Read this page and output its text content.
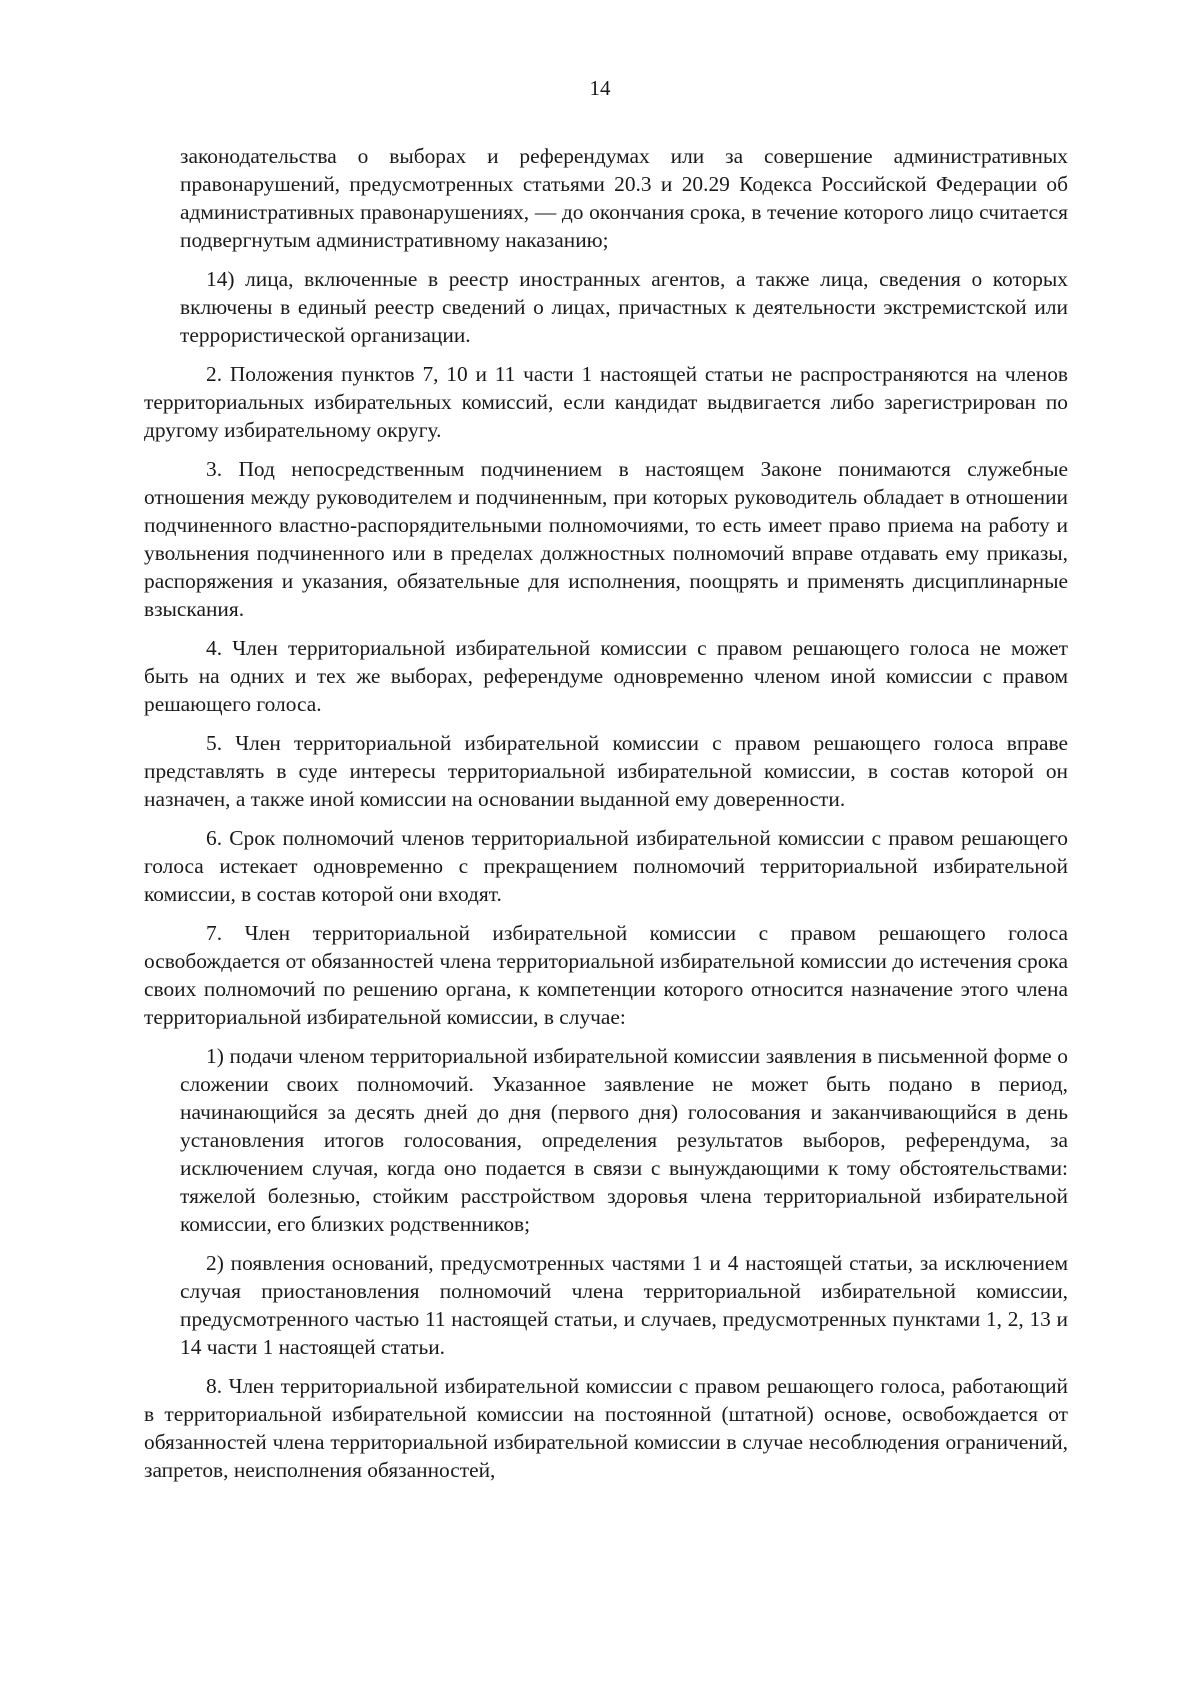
14

законодательства о выборах и референдумах или за совершение административных правонарушений, предусмотренных статьями 20.3 и 20.29 Кодекса Российской Федерации об административных правонарушениях, — до окончания срока, в течение которого лицо считается подвергнутым административному наказанию;

14) лица, включенные в реестр иностранных агентов, а также лица, сведения о которых включены в единый реестр сведений о лицах, причастных к деятельности экстремистской или террористической организации.

2. Положения пунктов 7, 10 и 11 части 1 настоящей статьи не распространяются на членов территориальных избирательных комиссий, если кандидат выдвигается либо зарегистрирован по другому избирательному округу.

3. Под непосредственным подчинением в настоящем Законе понимаются служебные отношения между руководителем и подчиненным, при которых руководитель обладает в отношении подчиненного властно-распорядительными полномочиями, то есть имеет право приема на работу и увольнения подчиненного или в пределах должностных полномочий вправе отдавать ему приказы, распоряжения и указания, обязательные для исполнения, поощрять и применять дисциплинарные взыскания.

4. Член территориальной избирательной комиссии с правом решающего голоса не может быть на одних и тех же выборах, референдуме одновременно членом иной комиссии с правом решающего голоса.

5. Член территориальной избирательной комиссии с правом решающего голоса вправе представлять в суде интересы территориальной избирательной комиссии, в состав которой он назначен, а также иной комиссии на основании выданной ему доверенности.

6. Срок полномочий членов территориальной избирательной комиссии с правом решающего голоса истекает одновременно с прекращением полномочий территориальной избирательной комиссии, в состав которой они входят.

7. Член территориальной избирательной комиссии с правом решающего голоса освобождается от обязанностей члена территориальной избирательной комиссии до истечения срока своих полномочий по решению органа, к компетенции которого относится назначение этого члена территориальной избирательной комиссии, в случае:

1) подачи членом территориальной избирательной комиссии заявления в письменной форме о сложении своих полномочий. Указанное заявление не может быть подано в период, начинающийся за десять дней до дня (первого дня) голосования и заканчивающийся в день установления итогов голосования, определения результатов выборов, референдума, за исключением случая, когда оно подается в связи с вынуждающими к тому обстоятельствами: тяжелой болезнью, стойким расстройством здоровья члена территориальной избирательной комиссии, его близких родственников;

2) появления оснований, предусмотренных частями 1 и 4 настоящей статьи, за исключением случая приостановления полномочий члена территориальной избирательной комиссии, предусмотренного частью 11 настоящей статьи, и случаев, предусмотренных пунктами 1, 2, 13 и 14 части 1 настоящей статьи.

8. Член территориальной избирательной комиссии с правом решающего голоса, работающий в территориальной избирательной комиссии на постоянной (штатной) основе, освобождается от обязанностей члена территориальной избирательной комиссии в случае несоблюдения ограничений, запретов, неисполнения обязанностей,
